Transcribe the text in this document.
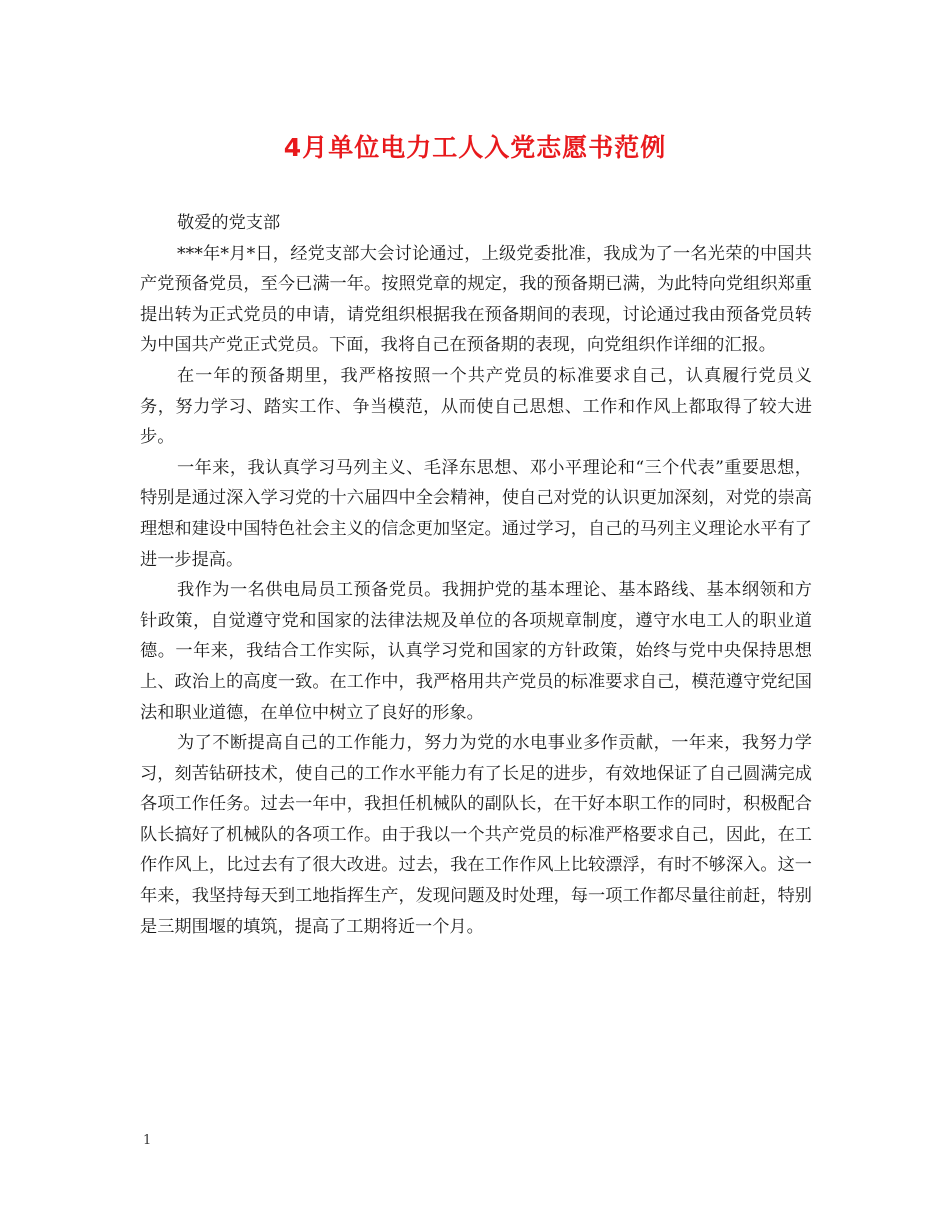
4月单位电力工人入党志愿书范例

敬爱的党支部

***年*月*日，经党支部大会讨论通过，上级党委批准，我成为了一名光荣的中国共产党预备党员，至今已满一年。按照党章的规定，我的预备期已满，为此特向党组织郑重提出转为正式党员的申请，请党组织根据我在预备期间的表现，讨论通过我由预备党员转为中国共产党正式党员。下面，我将自己在预备期的表现，向党组织作详细的汇报。

在一年的预备期里，我严格按照一个共产党员的标准要求自己，认真履行党员义务，努力学习、踏实工作、争当模范，从而使自己思想、工作和作风上都取得了较大进步。

一年来，我认真学习马列主义、毛泽东思想、邓小平理论和“三个代表”重要思想，特别是通过深入学习党的十六届四中全会精神，使自己对党的认识更加深刻，对党的崇高理想和建设中国特色社会主义的信念更加坚定。通过学习，自己的马列主义理论水平有了进一步提高。

我作为一名供电局员工预备党员。我拥护党的基本理论、基本路线、基本纲领和方针政策，自觉遵守党和国家的法律法规及单位的各项规章制度，遵守水电工人的职业道德。一年来，我结合工作实际，认真学习党和国家的方针政策，始终与党中央保持思想上、政治上的高度一致。在工作中，我严格用共产党员的标准要求自己，模范遵守党纪国法和职业道德，在单位中树立了良好的形象。

为了不断提高自己的工作能力，努力为党的水电事业多作贡献，一年来，我努力学习，刻苦钻研技术，使自己的工作水平能力有了长足的进步，有效地保证了自己圆满完成各项工作任务。过去一年中，我担任机械队的副队长，在干好本职工作的同时，积极配合队长搞好了机械队的各项工作。由于我以一个共产党员的标准严格要求自己，因此，在工作作风上，比过去有了很大改进。过去，我在工作作风上比较漂浮，有时不够深入。这一年来，我坚持每天到工地指挥生产，发现问题及时处理，每一项工作都尽量往前赶，特别是三期围堰的填筑，提高了工期将近一个月。

1
